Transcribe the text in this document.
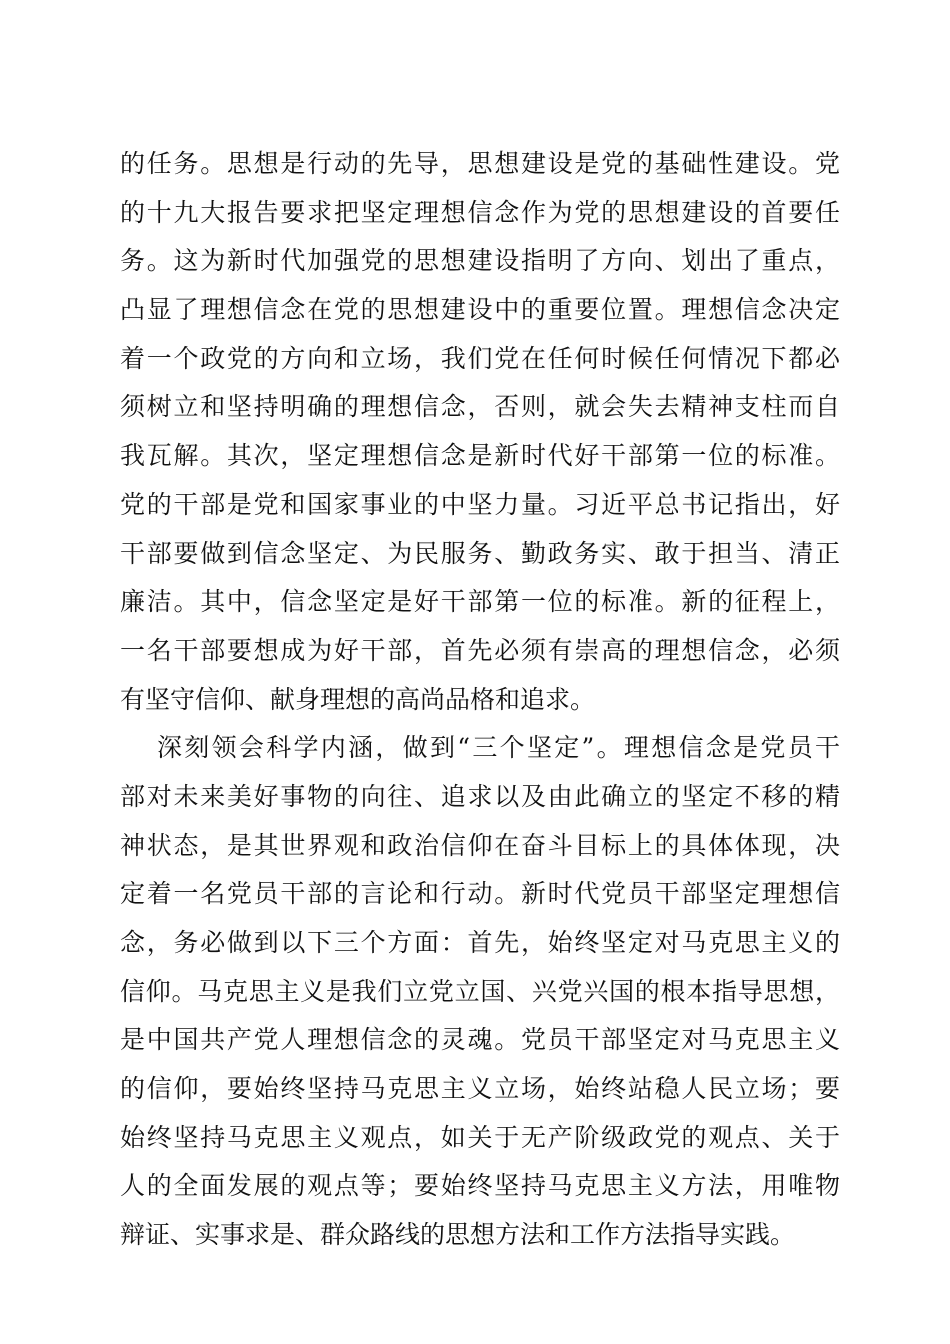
的任务。思想是行动的先导，思想建设是党的基础性建设。党
的十九大报告要求把坚定理想信念作为党的思想建设的首要任
务。这为新时代加强党的思想建设指明了方向、划出了重点，
凸显了理想信念在党的思想建设中的重要位置。理想信念决定
着一个政党的方向和立场，我们党在任何时候任何情况下都必
须树立和坚持明确的理想信念，否则，就会失去精神支柱而自
我瓦解。其次，坚定理想信念是新时代好干部第一位的标准。
党的干部是党和国家事业的中坚力量。习近平总书记指出，好
干部要做到信念坚定、为民服务、勤政务实、敢于担当、清正
廉洁。其中，信念坚定是好干部第一位的标准。新的征程上，
一名干部要想成为好干部，首先必须有崇高的理想信念，必须
有坚守信仰、献身理想的高尚品格和追求。
深刻领会科学内涵，做到“三个坚定”。理想信念是党员干
部对未来美好事物的向往、追求以及由此确立的坚定不移的精
神状态，是其世界观和政治信仰在奋斗目标上的具体体现，决
定着一名党员干部的言论和行动。新时代党员干部坚定理想信
念，务必做到以下三个方面：首先，始终坚定对马克思主义的
信仰。马克思主义是我们立党立国、兴党兴国的根本指导思想，
是中国共产党人理想信念的灵魂。党员干部坚定对马克思主义
的信仰，要始终坚持马克思主义立场，始终站稳人民立场；要
始终坚持马克思主义观点，如关于无产阶级政党的观点、关于
人的全面发展的观点等；要始终坚持马克思主义方法，用唯物
辩证、实事求是、群众路线的思想方法和工作方法指导实践。
